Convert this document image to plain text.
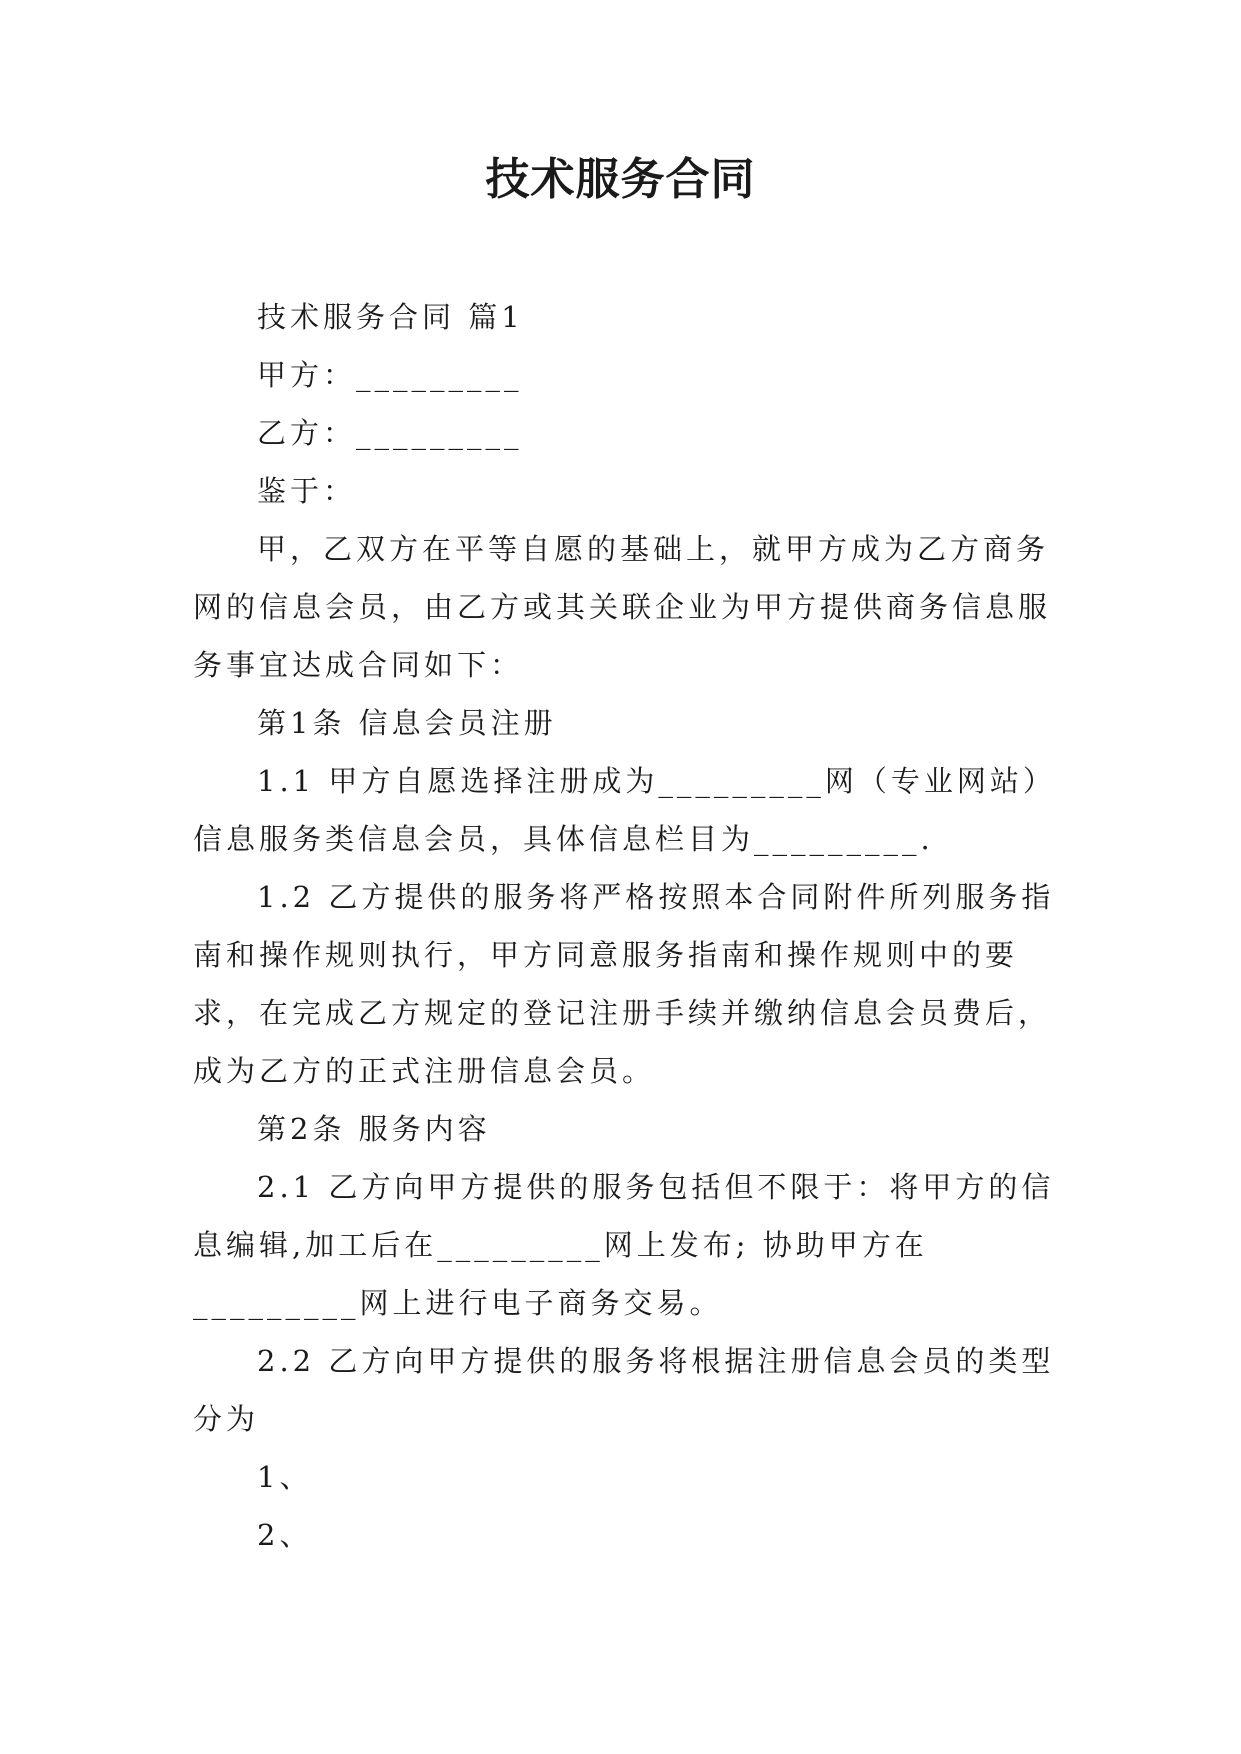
技术服务合同

技术服务合同 篇1

甲方：_________

乙方：_________

鉴于：

甲，乙双方在平等自愿的基础上，就甲方成为乙方商务网的信息会员，由乙方或其关联企业为甲方提供商务信息服务事宜达成合同如下：

第1条 信息会员注册

1.1 甲方自愿选择注册成为_________网（专业网站）信息服务类信息会员，具体信息栏目为_________.

1.2 乙方提供的服务将严格按照本合同附件所列服务指南和操作规则执行，甲方同意服务指南和操作规则中的要求，在完成乙方规定的登记注册手续并缴纳信息会员费后，成为乙方的正式注册信息会员。

第2条 服务内容

2.1 乙方向甲方提供的服务包括但不限于：将甲方的信息编辑,加工后在_________网上发布; 协助甲方在_________网上进行电子商务交易。

2.2 乙方向甲方提供的服务将根据注册信息会员的类型分为

1、

2、
